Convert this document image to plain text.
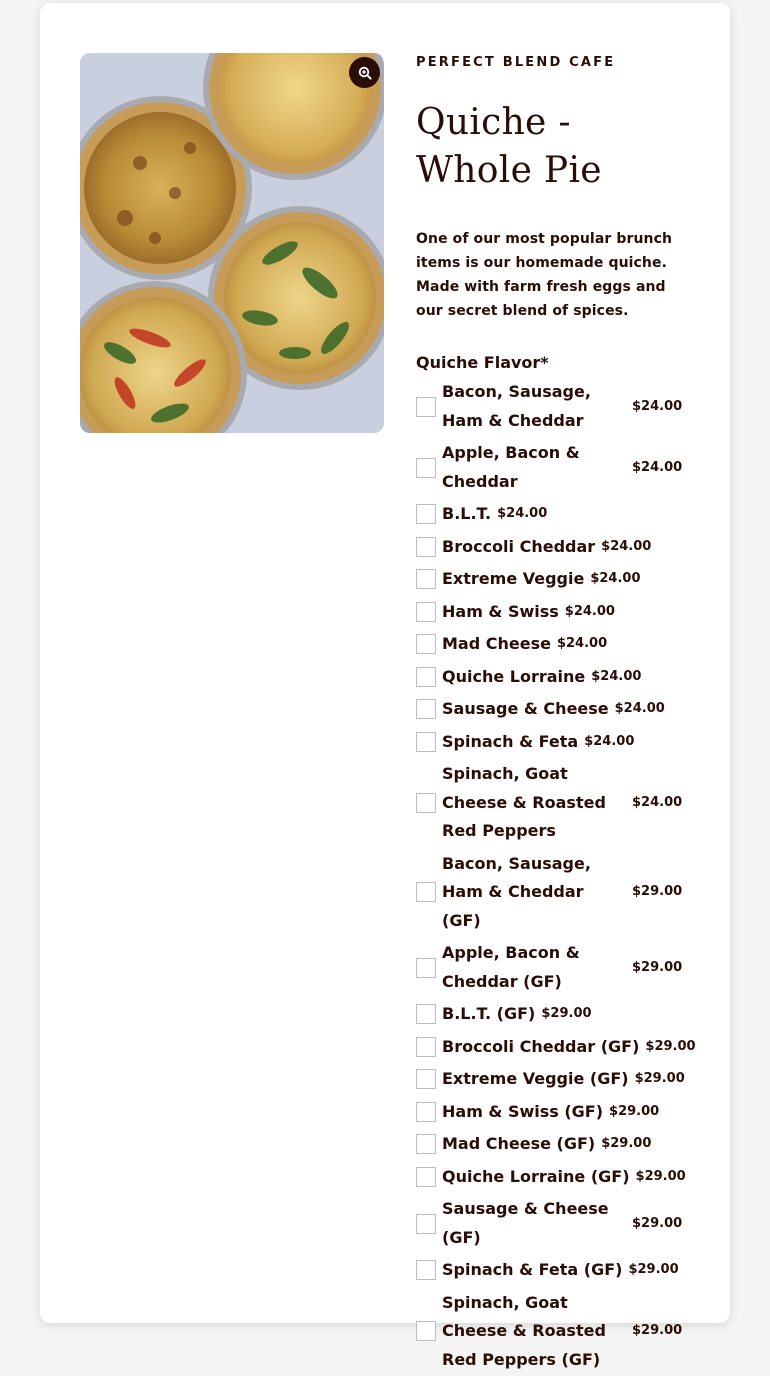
PERFECT BLEND CAFE
Quiche -
Whole Pie

One of our most popular brunch items is our homemade quiche. Made with farm fresh eggs and our secret blend of spices.

Quiche Flavor*
Bacon, Sausage, Ham & Cheddar
$24.00
Apple, Bacon & Cheddar
$24.00
B.L.T. $24.00
Broccoli Cheddar $24.00
Extreme Veggie $24.00
Ham & Swiss $24.00
Mad Cheese $24.00
Quiche Lorraine $24.00
Sausage & Cheese $24.00
Spinach & Feta $24.00
Spinach, Goat Cheese & Roasted Red Peppers
$24.00
Bacon, Sausage, Ham & Cheddar (GF)
$29.00
Apple, Bacon & Cheddar (GF)
$29.00
B.L.T. (GF) $29.00
Broccoli Cheddar (GF) $29.00
Extreme Veggie (GF) $29.00
Ham & Swiss (GF) $29.00
Mad Cheese (GF) $29.00
Quiche Lorraine (GF) $29.00
Sausage & Cheese (GF)
$29.00
Spinach & Feta (GF) $29.00
Spinach, Goat Cheese & Roasted Red Peppers (GF)
$29.00
